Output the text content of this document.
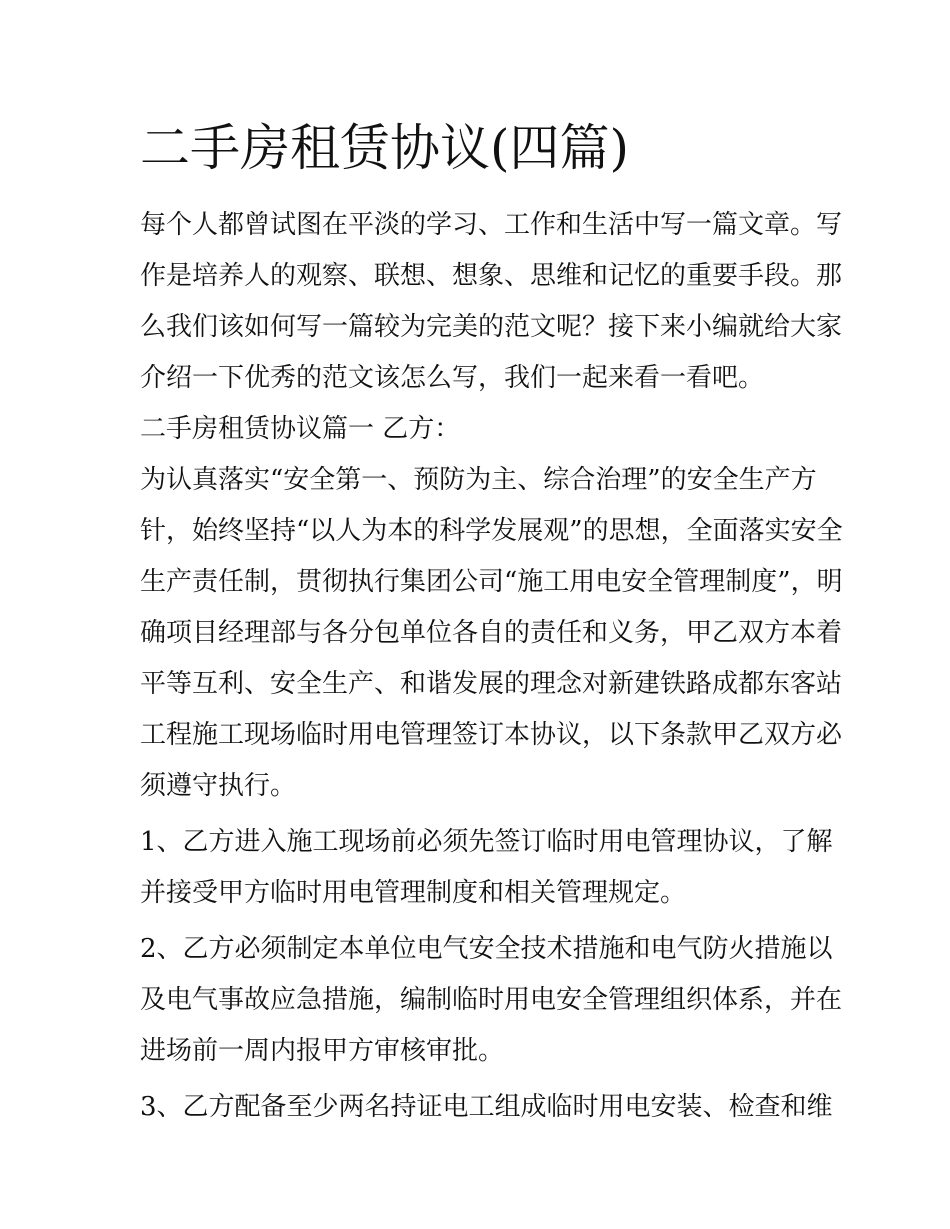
二手房租赁协议(四篇)

每个人都曾试图在平淡的学习、工作和生活中写一篇文章。写

作是培养人的观察、联想、想象、思维和记忆的重要手段。那

么我们该如何写一篇较为完美的范文呢？接下来小编就给大家

介绍一下优秀的范文该怎么写，我们一起来看一看吧。

二手房租赁协议篇一 乙方：

为认真落实“安全第一、预防为主、综合治理”的安全生产方

针，始终坚持“以人为本的科学发展观”的思想，全面落实安全

生产责任制，贯彻执行集团公司“施工用电安全管理制度”，明

确项目经理部与各分包单位各自的责任和义务，甲乙双方本着

平等互利、安全生产、和谐发展的理念对新建铁路成都东客站

工程施工现场临时用电管理签订本协议，以下条款甲乙双方必

须遵守执行。

1、乙方进入施工现场前必须先签订临时用电管理协议，了解

并接受甲方临时用电管理制度和相关管理规定。

2、乙方必须制定本单位电气安全技术措施和电气防火措施以

及电气事故应急措施，编制临时用电安全管理组织体系，并在

进场前一周内报甲方审核审批。

3、乙方配备至少两名持证电工组成临时用电安装、检查和维
